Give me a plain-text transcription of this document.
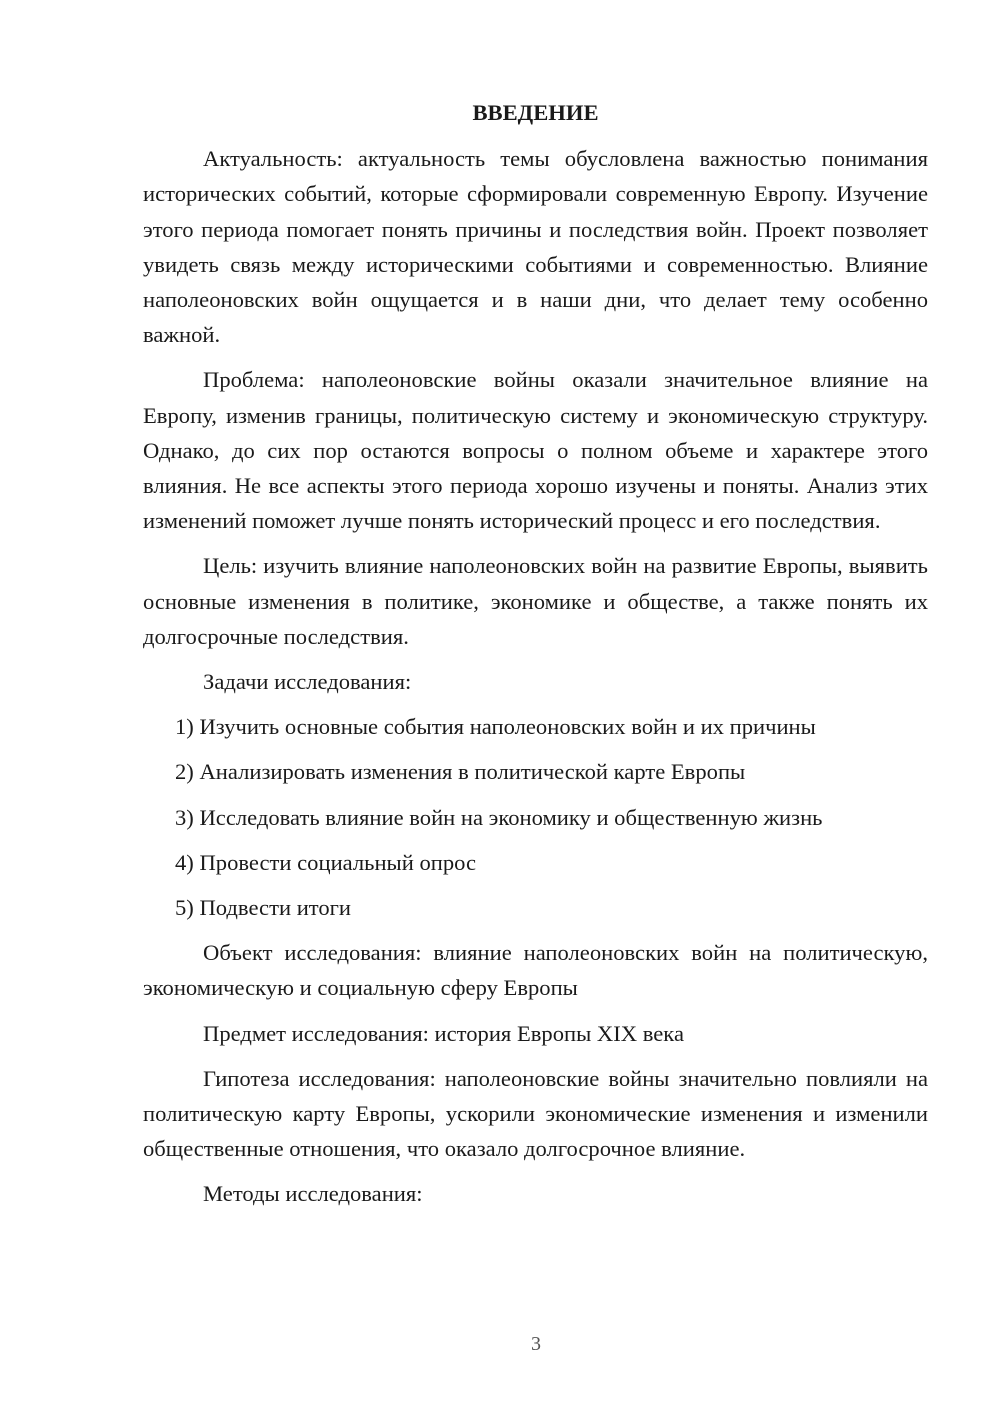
ВВЕДЕНИЕ

Актуальность: актуальность темы обусловлена важностью понимания исторических событий, которые сформировали современную Европу. Изучение этого периода помогает понять причины и последствия войн. Проект позволяет увидеть связь между историческими событиями и современностью. Влияние наполеоновских войн ощущается и в наши дни, что делает тему особенно важной.

Проблема: наполеоновские войны оказали значительное влияние на Европу, изменив границы, политическую систему и экономическую структуру. Однако, до сих пор остаются вопросы о полном объеме и характере этого влияния. Не все аспекты этого периода хорошо изучены и поняты. Анализ этих изменений поможет лучше понять исторический процесс и его последствия.

Цель: изучить влияние наполеоновских войн на развитие Европы, выявить основные изменения в политике, экономике и обществе, а также понять их долгосрочные последствия.

Задачи исследования:

1) Изучить основные события наполеоновских войн и их причины
2) Анализировать изменения в политической карте Европы
3) Исследовать влияние войн на экономику и общественную жизнь
4) Провести социальный опрос
5) Подвести итоги

Объект исследования: влияние наполеоновских войн на политическую, экономическую и социальную сферу Европы

Предмет исследования: история Европы XIX века

Гипотеза исследования: наполеоновские войны значительно повлияли на политическую карту Европы, ускорили экономические изменения и изменили общественные отношения, что оказало долгосрочное влияние.

Методы исследования:

3
